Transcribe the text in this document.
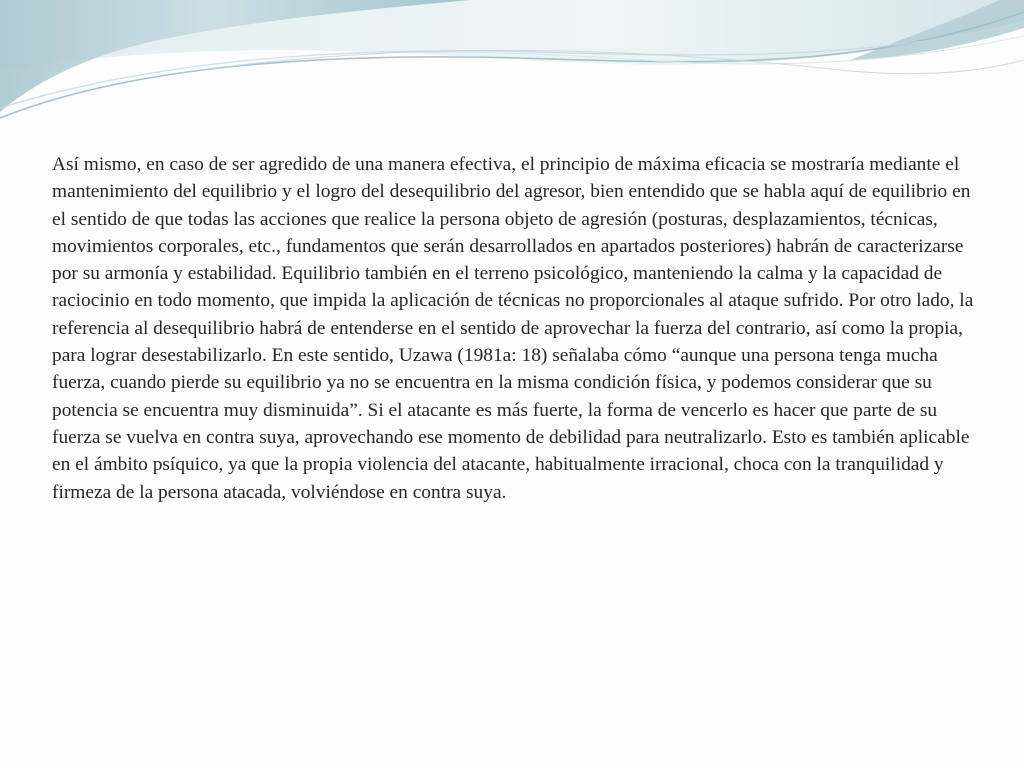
Así mismo, en caso de ser agredido de una manera efectiva, el principio de máxima eficacia se mostraría mediante el mantenimiento del equilibrio y el logro del desequilibrio del agresor, bien entendido que se habla aquí de equilibrio en el sentido de que todas las acciones que realice la persona objeto de agresión (posturas, desplazamientos, técnicas, movimientos corporales, etc., fundamentos que serán desarrollados en apartados posteriores) habrán de caracterizarse por su armonía y estabilidad. Equilibrio también en el terreno psicológico, manteniendo la calma y la capacidad de raciocinio en todo momento, que impida la aplicación de técnicas no proporcionales al ataque sufrido. Por otro lado, la referencia al desequilibrio habrá de entenderse en el sentido de aprovechar la fuerza del contrario, así como la propia, para lograr desestabilizarlo. En este sentido, Uzawa (1981a: 18) señalaba cómo “aunque una persona tenga mucha fuerza, cuando pierde su equilibrio ya no se encuentra en la misma condición física, y podemos considerar que su potencia se encuentra muy disminuida”. Si el atacante es más fuerte, la forma de vencerlo es hacer que parte de su fuerza se vuelva en contra suya, aprovechando ese momento de debilidad para neutralizarlo. Esto es también aplicable en el ámbito psíquico, ya que la propia violencia del atacante, habitualmente irracional, choca con la tranquilidad y firmeza de la persona atacada, volviéndose en contra suya.
